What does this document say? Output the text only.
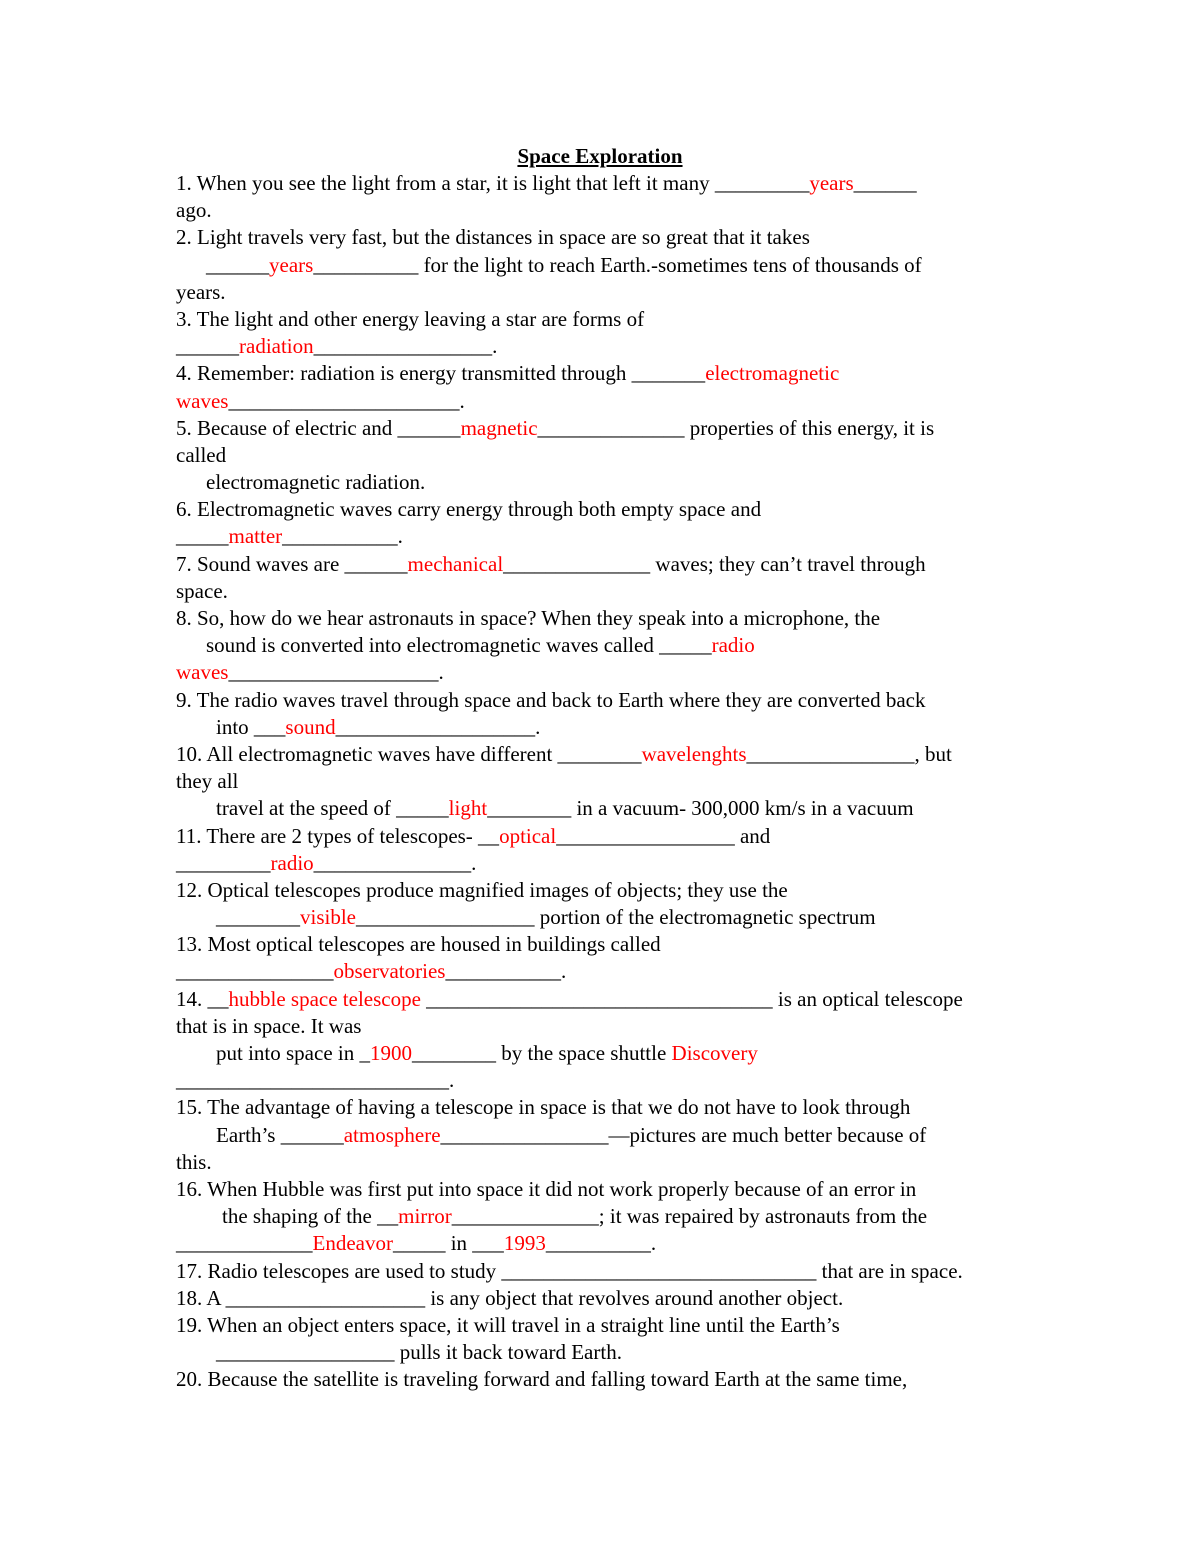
Space Exploration
1. When you see the light from a star, it is light that left it many _________years______
ago.
2. Light travels very fast, but the distances in space are so great that it takes
______years__________ for the light to reach Earth.-sometimes tens of thousands of
years.
3. The light and other energy leaving a star are forms of
______radiation_________________.
4. Remember: radiation is energy transmitted through _______electromagnetic
waves______________________.
5. Because of electric and ______magnetic______________ properties of this energy, it is
called
electromagnetic radiation.
6. Electromagnetic waves carry energy through both empty space and
_____matter___________.
7. Sound waves are ______mechanical______________ waves; they can’t travel through
space.
8. So, how do we hear astronauts in space? When they speak into a microphone, the
sound is converted into electromagnetic waves called _____radio
waves____________________.
9. The radio waves travel through space and back to Earth where they are converted back
into ___sound___________________.
10. All electromagnetic waves have different ________wavelenghts________________, but
they all
travel at the speed of _____light________ in a vacuum- 300,000 km/s in a vacuum
11. There are 2 types of telescopes- __optical_________________ and
_________radio_______________.
12. Optical telescopes produce magnified images of objects; they use the
________visible_________________ portion of the electromagnetic spectrum
13. Most optical telescopes are housed in buildings called
_______________observatories___________.
14. __hubble space telescope _________________________________ is an optical telescope
that is in space. It was
put into space in _1900________ by the space shuttle Discovery
__________________________.
15. The advantage of having a telescope in space is that we do not have to look through
Earth’s ______atmosphere________________—pictures are much better because of
this.
16. When Hubble was first put into space it did not work properly because of an error in
the shaping of the __mirror______________; it was repaired by astronauts from the
_____________Endeavor_____ in ___1993__________.
17. Radio telescopes are used to study ______________________________ that are in space.
18. A ___________________ is any object that revolves around another object.
19. When an object enters space, it will travel in a straight line until the Earth’s
_________________ pulls it back toward Earth.
20. Because the satellite is traveling forward and falling toward Earth at the same time,
